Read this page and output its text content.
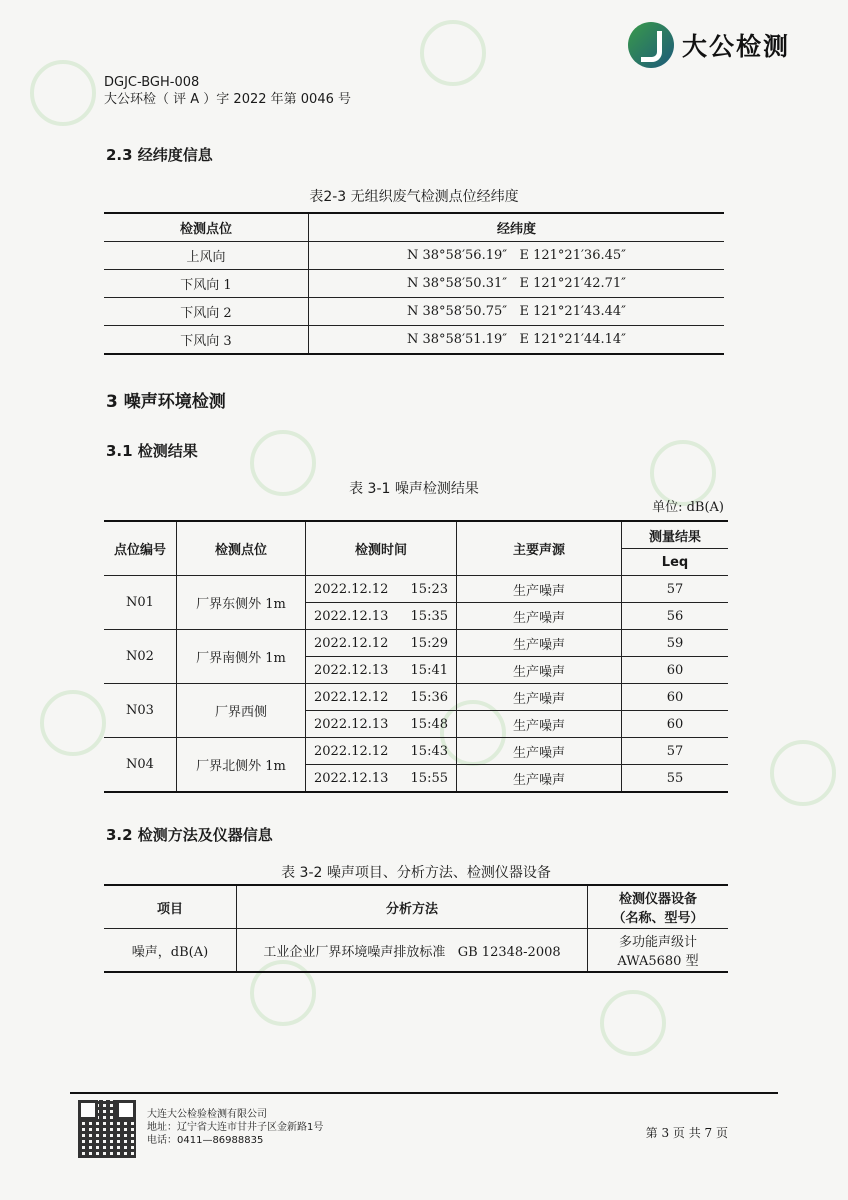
大公检测
DGJC-BGH-008
大公环检（ 评 A ）字 2022 年第 0046 号
2.3 经纬度信息
表2-3 无组织废气检测点位经纬度
检测点位	经纬度
上风向	N 38°58′56.19″   E 121°21′36.45″
下风向 1	N 38°58′50.31″   E 121°21′42.71″
下风向 2	N 38°58′50.75″   E 121°21′43.44″
下风向 3	N 38°58′51.19″   E 121°21′44.14″
3 噪声环境检测
3.1 检测结果
表 3-1 噪声检测结果
单位: dB(A)
点位编号	检测点位	检测时间	主要声源	测量结果
				Leq
N01	厂界东侧外 1m	2022.12.12 15:23	生产噪声	57

		2022.12.13 15:35	生产噪声	56
N02	厂界南侧外 1m	2022.12.12 15:29	生产噪声	59

		2022.12.13 15:41	生产噪声	60
N03	厂界西侧	2022.12.12 15:36	生产噪声	60

		2022.12.13 15:48	生产噪声	60
N04	厂界北侧外 1m	2022.12.12 15:43	生产噪声	57

		2022.12.13 15:55	生产噪声	55
3.2 检测方法及仪器信息
表 3-2 噪声项目、分析方法、检测仪器设备
项目	分析方法	检测仪器设备
（名称、型号）

噪声，dB(A)	工业企业厂界环境噪声排放标准   GB 12348-2008	多功能声级计
AWA5680 型
大连大公检验检测有限公司
地址：辽宁省大连市甘井子区金新路1号
电话：0411—86988835
第 3 页 共 7 页
